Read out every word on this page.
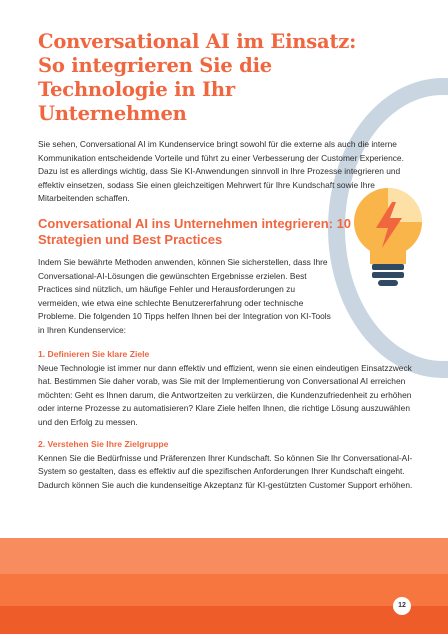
Conversational AI im Einsatz: So integrieren Sie die Technologie in Ihr Unternehmen

Sie sehen, Conversational AI im Kundenservice bringt sowohl für die externe als auch die interne Kommunikation entscheidende Vorteile und führt zu einer Verbesserung der Customer Experience. Dazu ist es allerdings wichtig, dass Sie KI-Anwendungen sinnvoll in Ihre Prozesse integrieren und effektiv einsetzen, sodass Sie einen gleichzeitigen Mehrwert für Ihre Kundschaft sowie Ihre Mitarbeitenden schaffen.

Conversational AI ins Unternehmen integrieren: 10 Strategien und Best Practices

Indem Sie bewährte Methoden anwenden, können Sie sicherstellen, dass Ihre Conversational-AI-Lösungen die gewünschten Ergebnisse erzielen. Best Practices sind nützlich, um häufige Fehler und Herausforderungen zu vermeiden, wie etwa eine schlechte Benutzererfahrung oder technische Probleme. Die folgenden 10 Tipps helfen Ihnen bei der Integration von KI-Tools in Ihren Kundenservice:

1. Definieren Sie klare Ziele

Neue Technologie ist immer nur dann effektiv und effizient, wenn sie einen eindeutigen Einsatzzweck hat. Bestimmen Sie daher vorab, was Sie mit der Implementierung von Conversational AI erreichen möchten: Geht es Ihnen darum, die Antwortzeiten zu verkürzen, die Kundenzufriedenheit zu erhöhen oder interne Prozesse zu automatisieren? Klare Ziele helfen Ihnen, die richtige Lösung auszuwählen und den Erfolg zu messen.

2. Verstehen Sie Ihre Zielgruppe

Kennen Sie die Bedürfnisse und Präferenzen Ihrer Kundschaft. So können Sie Ihr Conversational-AI-System so gestalten, dass es effektiv auf die spezifischen Anforderungen Ihrer Kundschaft eingeht. Dadurch können Sie auch die kundenseitige Akzeptanz für KI-gestützten Customer Support erhöhen.

12
